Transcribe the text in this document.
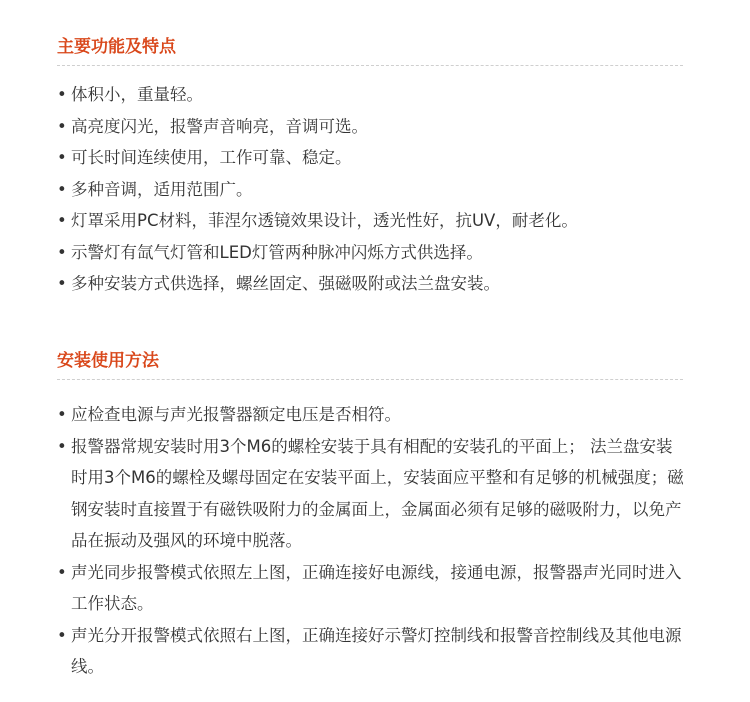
主要功能及特点
• 体积小，重量轻。
• 高亮度闪光，报警声音响亮，音调可选。
• 可长时间连续使用，工作可靠、稳定。
• 多种音调，适用范围广。
• 灯罩采用PC材料，菲涅尔透镜效果设计，透光性好，抗UV，耐老化。
• 示警灯有氙气灯管和LED灯管两种脉冲闪烁方式供选择。
• 多种安装方式供选择，螺丝固定、强磁吸附或法兰盘安装。
安装使用方法
• 应检查电源与声光报警器额定电压是否相符。
• 报警器常规安装时用3个M6的螺栓安装于具有相配的安装孔的平面上； 法兰盘安装时用3个M6的螺栓及螺母固定在安装平面上，安装面应平整和有足够的机械强度；磁钢安装时直接置于有磁铁吸附力的金属面上，金属面必须有足够的磁吸附力，以免产品在振动及强风的环境中脱落。
• 声光同步报警模式依照左上图，正确连接好电源线，接通电源，报警器声光同时进入工作状态。
• 声光分开报警模式依照右上图，正确连接好示警灯控制线和报警音控制线及其他电源线。
